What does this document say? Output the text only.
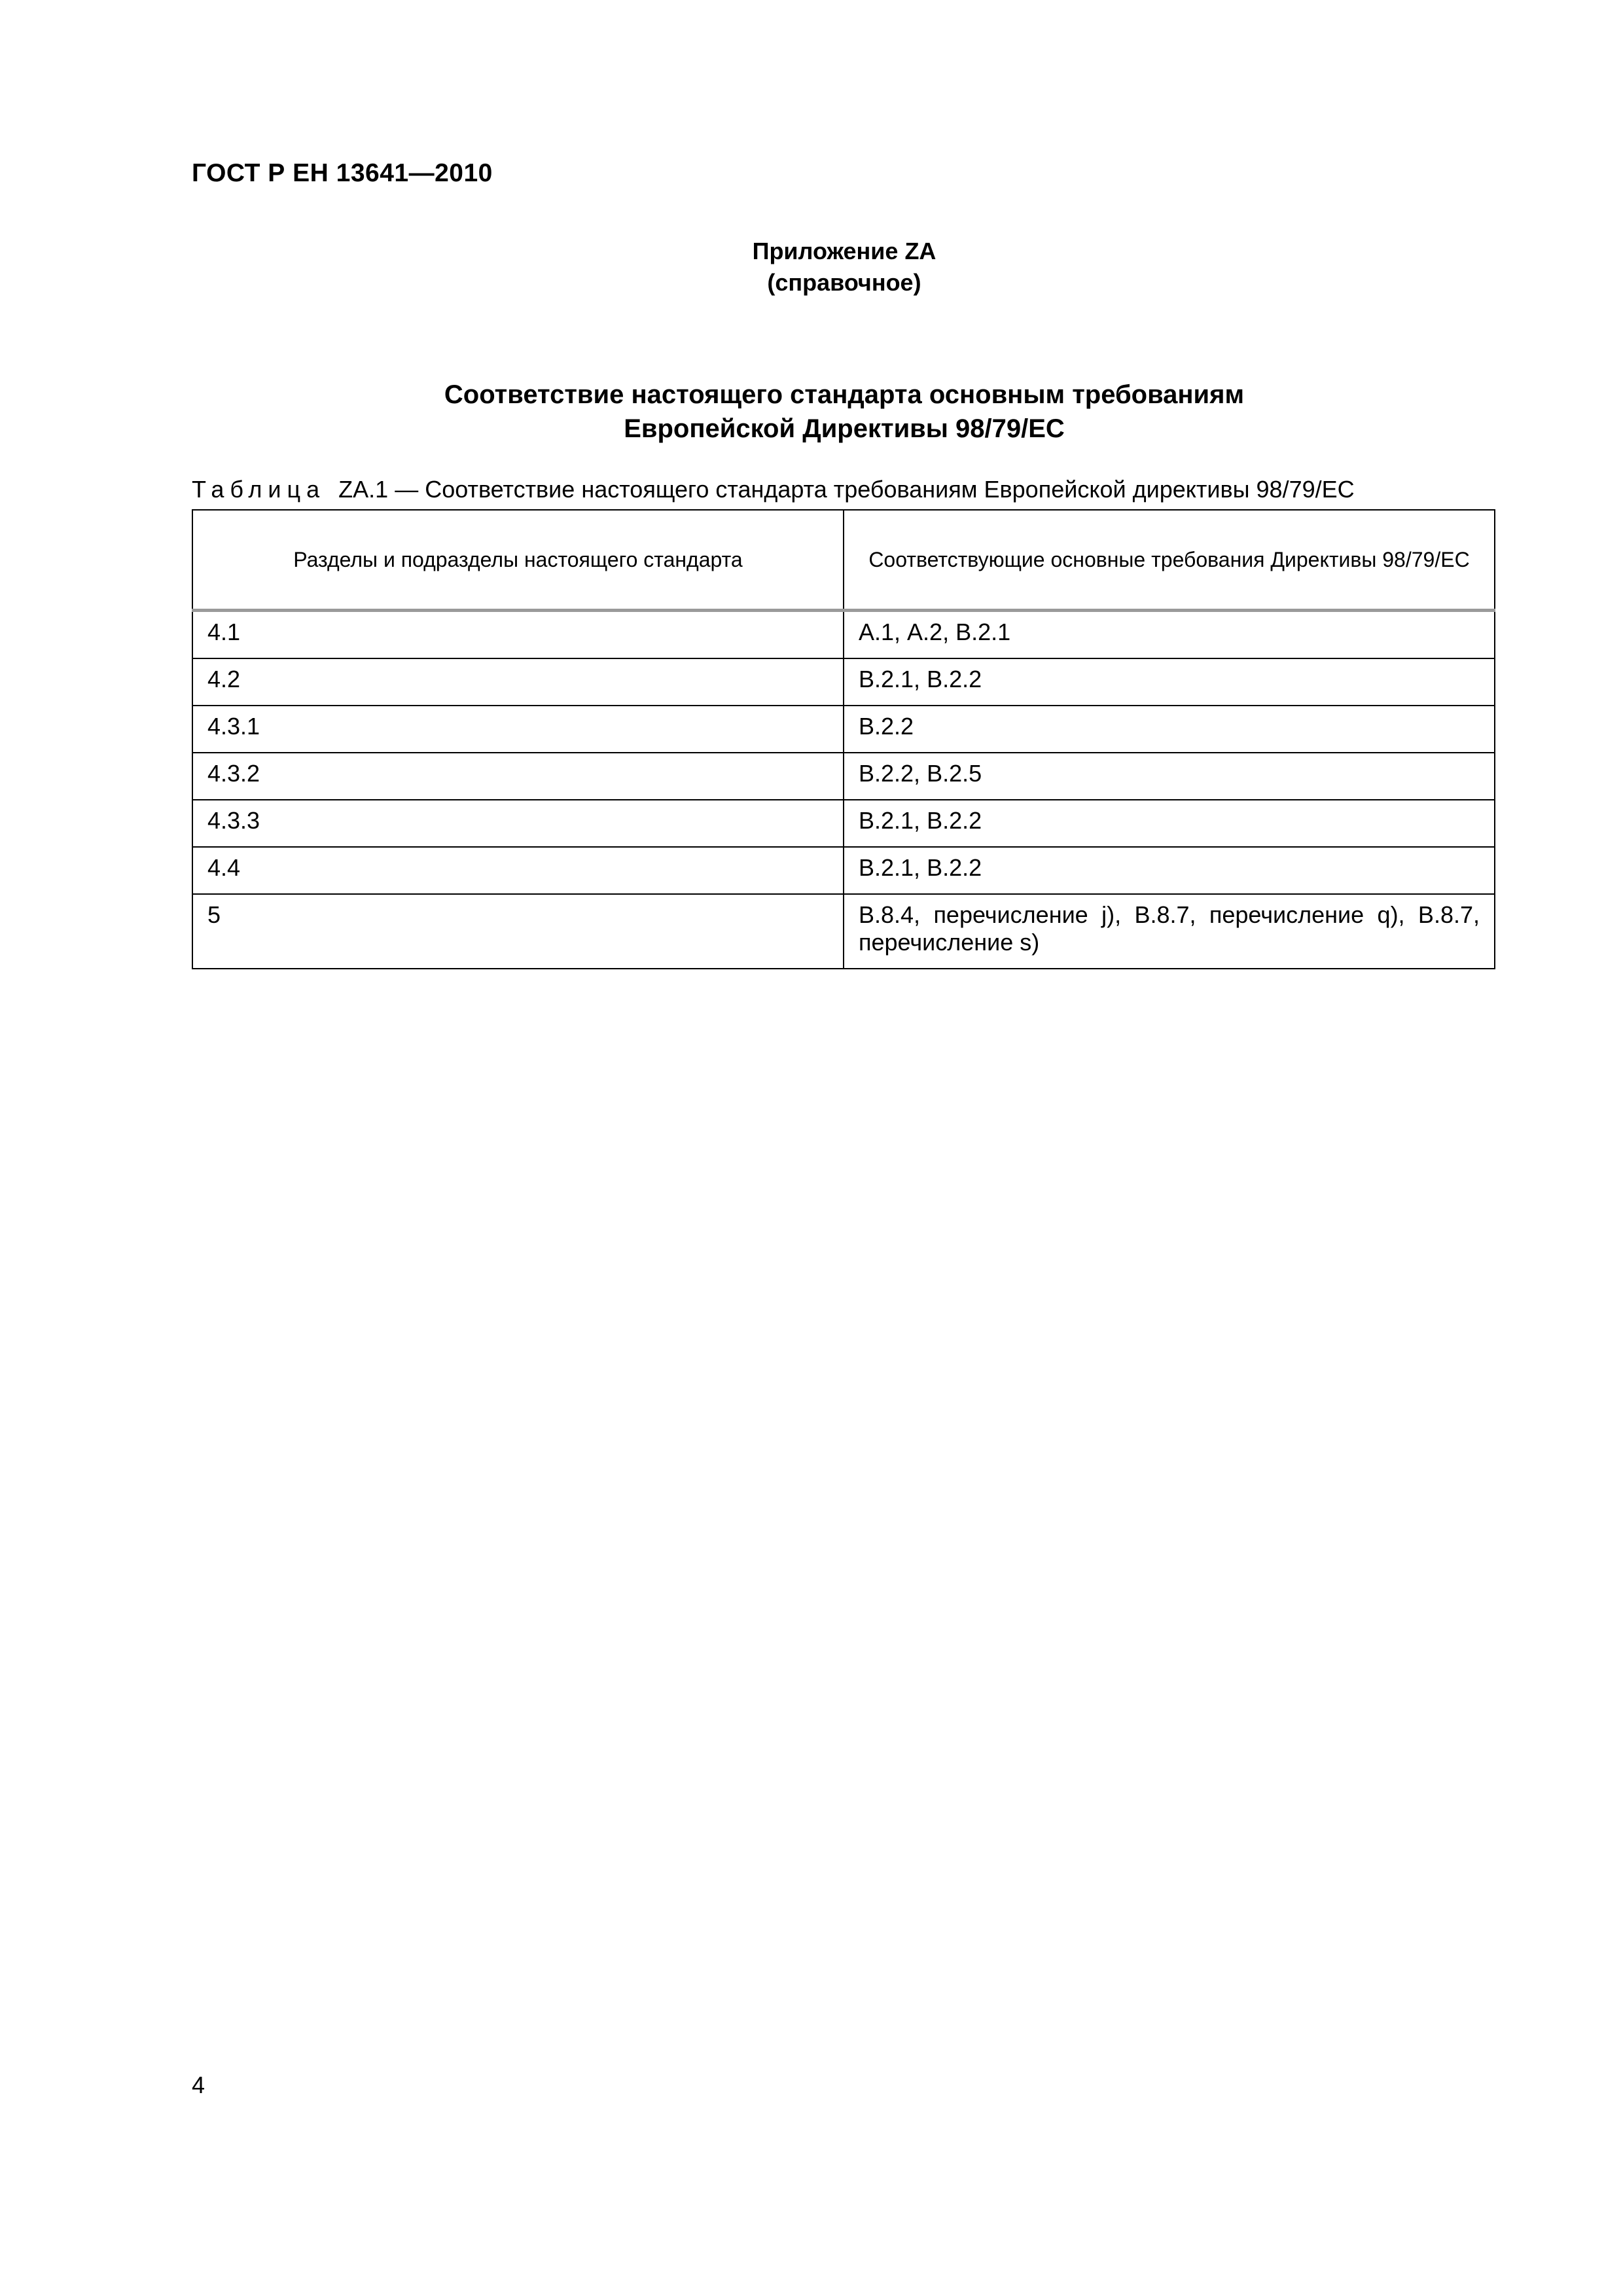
ГОСТ Р ЕН 13641—2010
Приложение ZA
(справочное)
Соответствие настоящего стандарта основным требованиям
Европейской Директивы 98/79/ЕС
Таблица ZA.1 — Соответствие настоящего стандарта требованиям Европейской директивы 98/79/ЕС
Разделы и подразделы настоящего стандарта	Соответствующие основные требования Директивы 98/79/ЕС
4.1	А.1, А.2, В.2.1
4.2	В.2.1, В.2.2
4.3.1	В.2.2
4.3.2	В.2.2, В.2.5
4.3.3	В.2.1, В.2.2
4.4	В.2.1, В.2.2
5	В.8.4, перечисление j), В.8.7, перечисление q), В.8.7, перечисление s)
4
